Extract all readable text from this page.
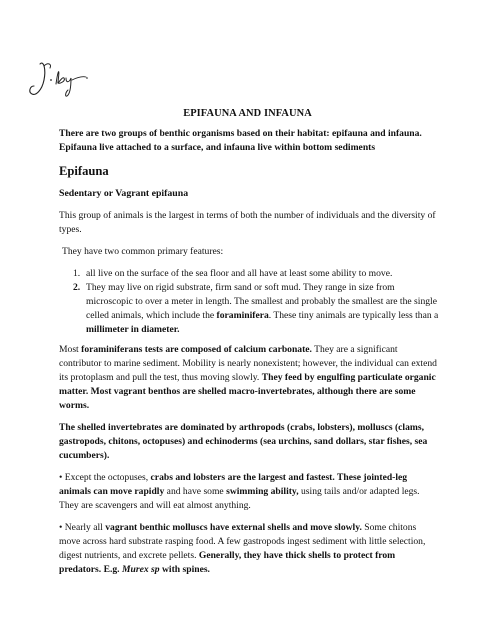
EPIFAUNA AND INFAUNA

There are two groups of benthic organisms based on their habitat: epifauna and infauna. Epifauna live attached to a surface, and infauna live within bottom sediments

Epifauna
Sedentary or Vagrant epifauna

This group of animals is the largest in terms of both the number of individuals and the diversity of types.

They have two common primary features:

1. all live on the surface of the sea floor and all have at least some ability to move.
2. They may live on rigid substrate, firm sand or soft mud. They range in size from microscopic to over a meter in length. The smallest and probably the smallest are the single celled animals, which include the foraminifera. These tiny animals are typically less than a millimeter in diameter.

Most foraminiferans tests are composed of calcium carbonate. They are a significant contributor to marine sediment. Mobility is nearly nonexistent; however, the individual can extend its protoplasm and pull the test, thus moving slowly. They feed by engulfing particulate organic matter. Most vagrant benthos are shelled macro-invertebrates, although there are some worms.

The shelled invertebrates are dominated by arthropods (crabs, lobsters), molluscs (clams, gastropods, chitons, octopuses) and echinoderms (sea urchins, sand dollars, star fishes, sea cucumbers).

• Except the octopuses, crabs and lobsters are the largest and fastest. These jointed-leg animals can move rapidly and have some swimming ability, using tails and/or adapted legs. They are scavengers and will eat almost anything.

• Nearly all vagrant benthic molluscs have external shells and move slowly. Some chitons move across hard substrate rasping food. A few gastropods ingest sediment with little selection, digest nutrients, and excrete pellets. Generally, they have thick shells to protect from predators. E.g. Murex sp with spines.
